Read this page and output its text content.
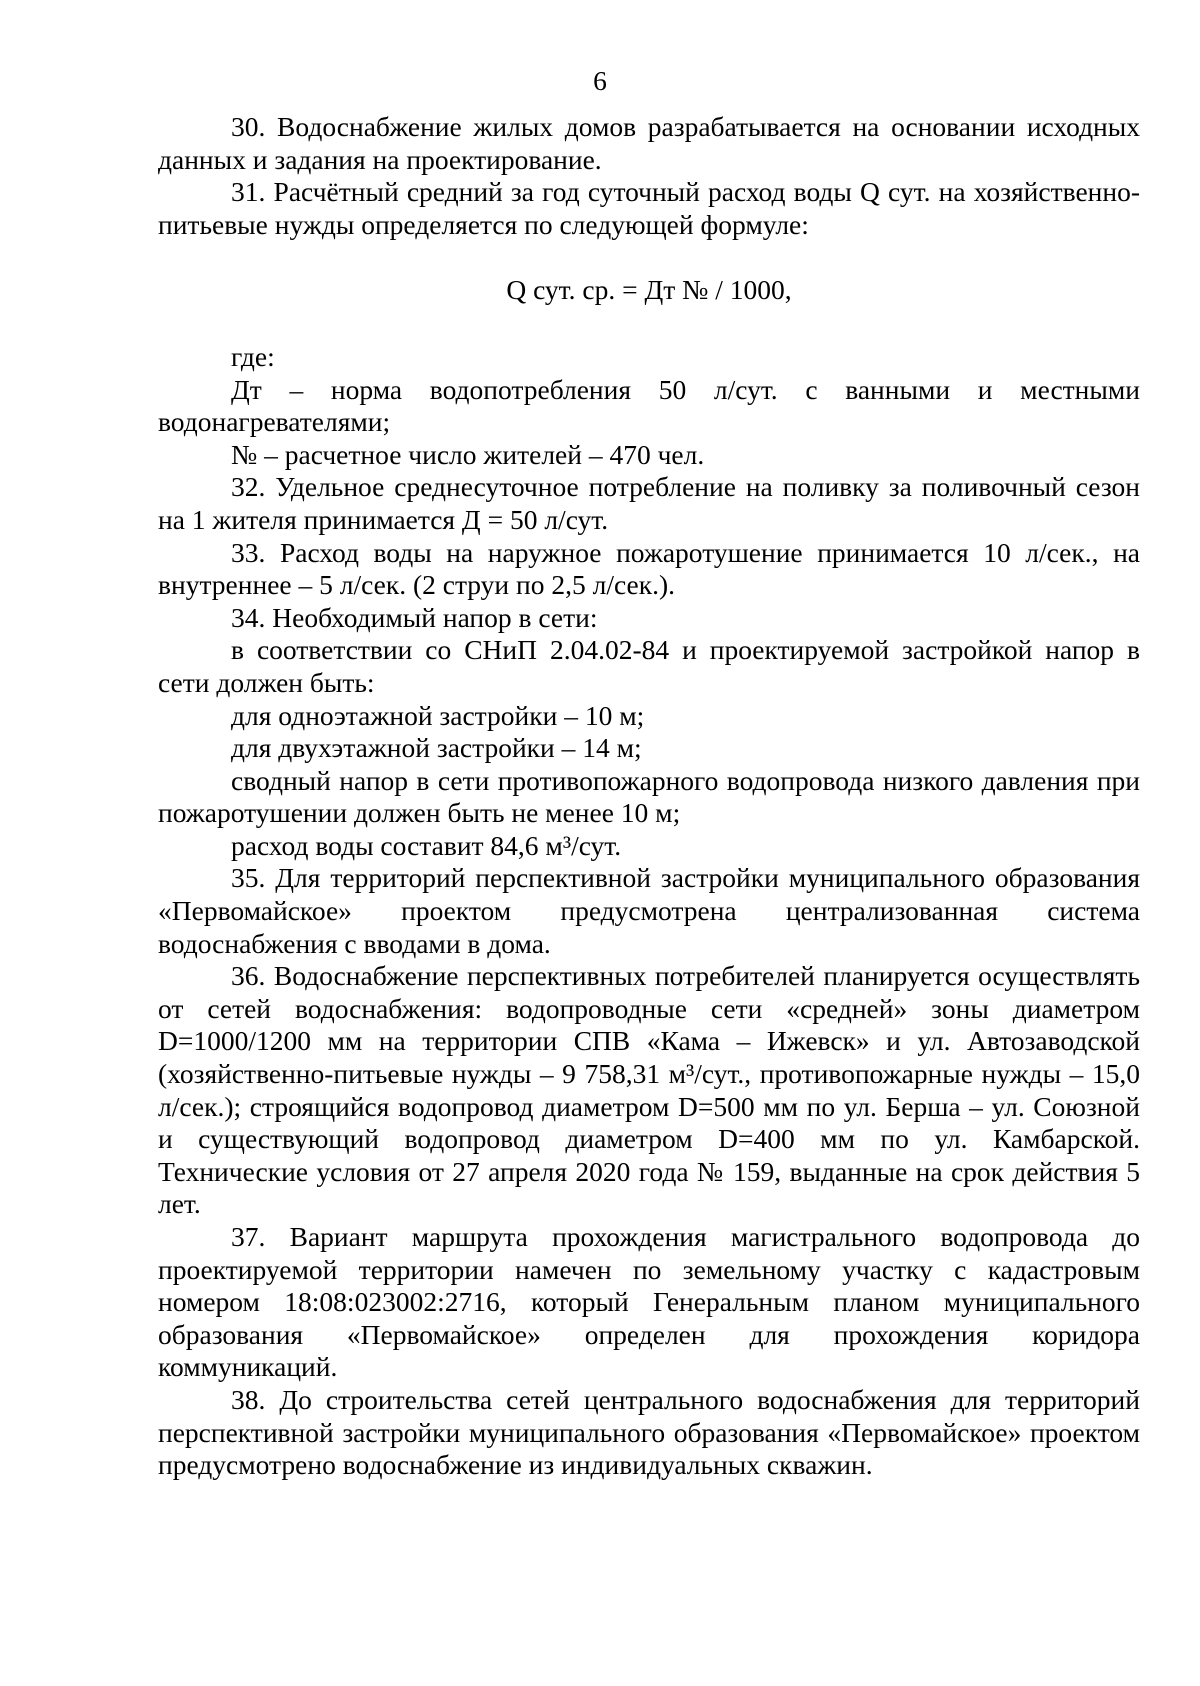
6

30. Водоснабжение жилых домов разрабатывается на основании исходных данных и задания на проектирование.

31. Расчётный средний за год суточный расход воды Q сут. на хозяйственно-питьевые нужды определяется по следующей формуле:

Q сут. ср. = Дт № / 1000,

где:

Дт – норма водопотребления 50 л/сут. с ванными и местными водонагревателями;

№ – расчетное число жителей – 470 чел.

32. Удельное среднесуточное потребление на поливку за поливочный сезон на 1 жителя принимается Д = 50 л/сут.

33. Расход воды на наружное пожаротушение принимается 10 л/сек., на внутреннее – 5 л/сек. (2 струи по 2,5 л/сек.).

34. Необходимый напор в сети:

в соответствии со СНиП 2.04.02-84 и проектируемой застройкой напор в сети должен быть:

для одноэтажной застройки – 10 м;

для двухэтажной застройки – 14 м;

сводный напор в сети противопожарного водопровода низкого давления при пожаротушении должен быть не менее 10 м;

расход воды составит 84,6 м³/сут.

35. Для территорий перспективной застройки муниципального образования «Первомайское» проектом предусмотрена централизованная система водоснабжения с вводами в дома.

36. Водоснабжение перспективных потребителей планируется осуществлять от сетей водоснабжения: водопроводные сети «средней» зоны диаметром D=1000/1200 мм на территории СПВ «Кама – Ижевск» и ул. Автозаводской (хозяйственно-питьевые нужды – 9 758,31 м³/сут., противопожарные нужды – 15,0 л/сек.); строящийся водопровод диаметром D=500 мм по ул. Берша – ул. Союзной и существующий водопровод диаметром D=400 мм по ул. Камбарской. Технические условия от 27 апреля 2020 года № 159, выданные на срок действия 5 лет.

37. Вариант маршрута прохождения магистрального водопровода до проектируемой территории намечен по земельному участку с кадастровым номером 18:08:023002:2716, который Генеральным планом муниципального образования «Первомайское» определен для прохождения коридора коммуникаций.

38. До строительства сетей центрального водоснабжения для территорий перспективной застройки муниципального образования «Первомайское» проектом предусмотрено водоснабжение из индивидуальных скважин.
